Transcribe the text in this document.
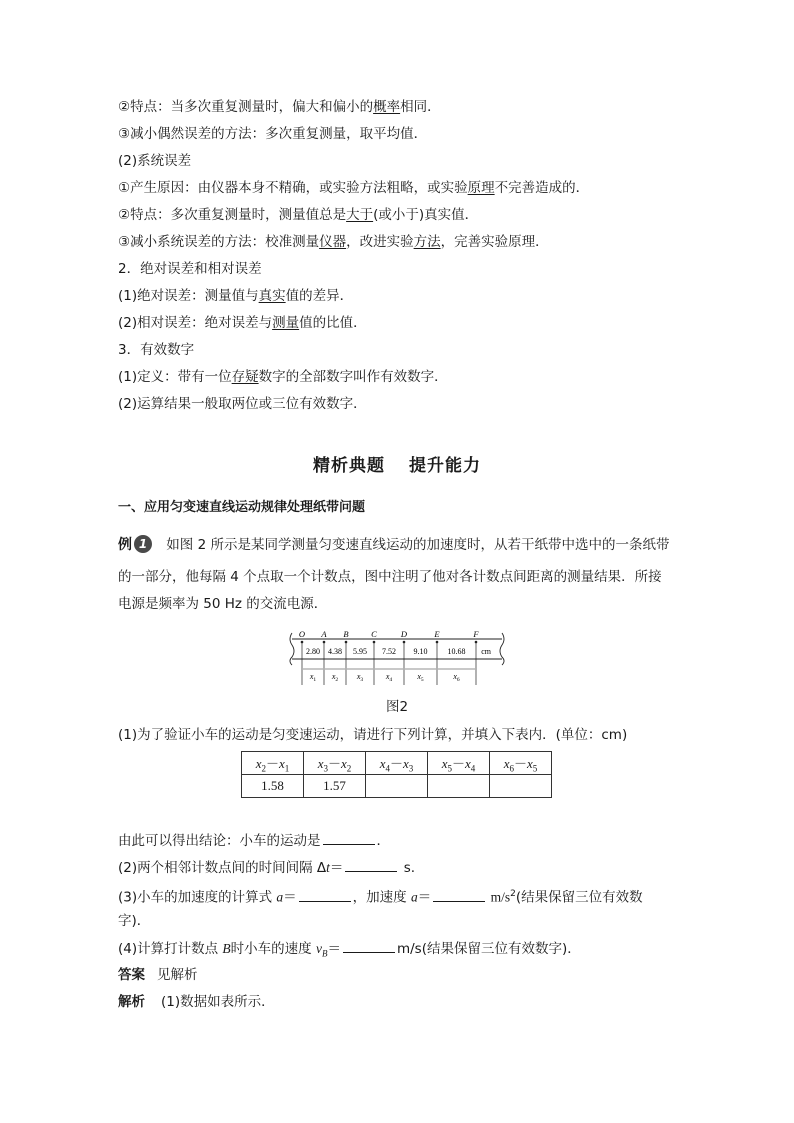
②特点：当多次重复测量时，偏大和偏小的概率相同．
③减小偶然误差的方法：多次重复测量，取平均值．
(2)系统误差
①产生原因：由仪器本身不精确，或实验方法粗略，或实验原理不完善造成的．
②特点：多次重复测量时，测量值总是大于(或小于)真实值．
③减小系统误差的方法：校准测量仪器，改进实验方法，完善实验原理．
2．绝对误差和相对误差
(1)绝对误差：测量值与真实值的差异．
(2)相对误差：绝对误差与测量值的比值．
3．有效数字
(1)定义：带有一位存疑数字的全部数字叫作有效数字．
(2)运算结果一般取两位或三位有效数字．
精析典题 提升能力
一、应用匀变速直线运动规律处理纸带问题
例 1 如图 2 所示是某同学测量匀变速直线运动的加速度时，从若干纸带中选中的一条纸带
的一部分，他每隔 4 个点取一个计数点，图中注明了他对各计数点间距离的测量结果．所接
电源是频率为 50 Hz 的交流电源．
O A B	C	D	E	F
2.80
$x_1$
4.38
$x_2$
5.95
$x_3$
7.52
$x_4$
9.10
$x_5$
10.68
$x_6$
cm
图2
(1)为了验证小车的运动是匀变速运动，请进行下列计算，并填入下表内．(单位：cm)
$x_2-x_1$	$x_3-x_2$	$x_4-x_3$	$x_5-x_4$	$x_6-x_5$
1.58	1.57			
由此可以得出结论：小车的运动是	．
(2)两个相邻计数点间的时间间隔 Δt＝	s.
(3)小车的加速度的计算式 a＝	，加速度 a＝	$m/s^2$(结果保留三位有效数
字)．
(4)计算打计数点 B时小车的速度 $v_B=$	m/s(结果保留三位有效数字)．
答案 见解析
解析 (1)数据如表所示．
